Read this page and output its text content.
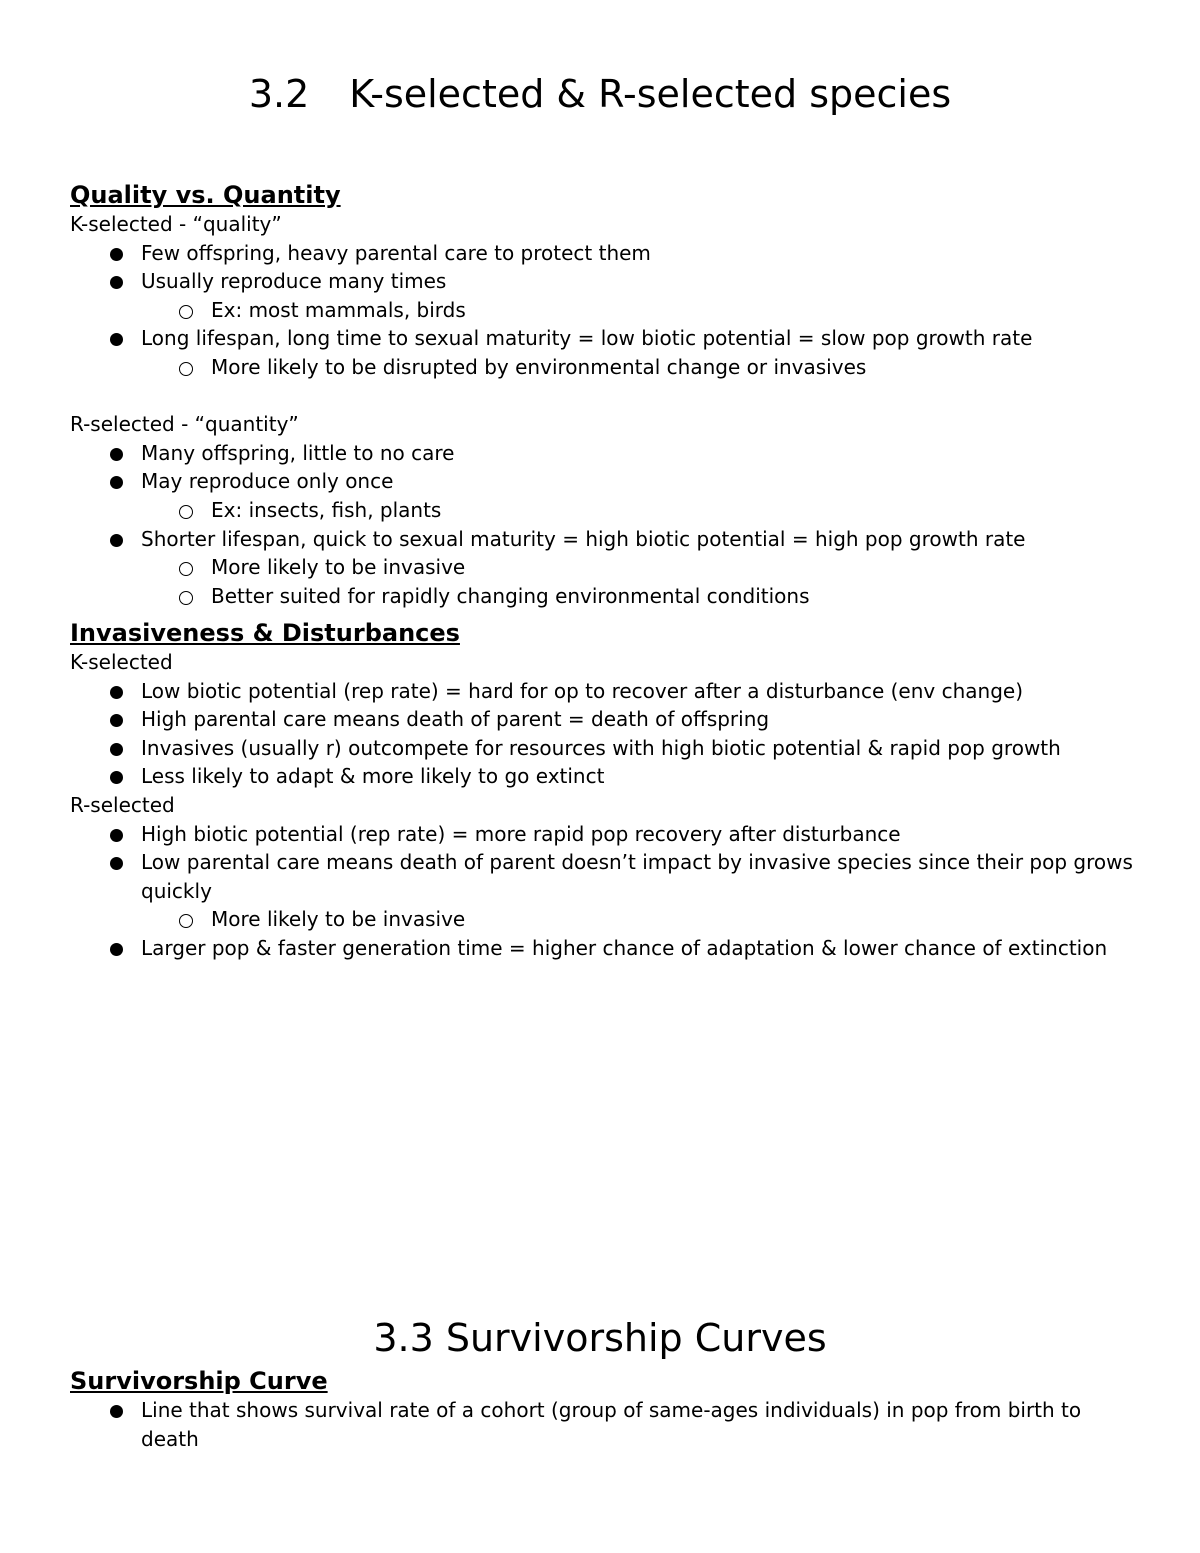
3.2 K-selected & R-selected species
Quality vs. Quantity

K-selected - “quality”

Few offspring, heavy parental care to protect them
Usually reproduce many times
Ex: most mammals, birds
Long lifespan, long time to sexual maturity = low biotic potential = slow pop growth rate
More likely to be disrupted by environmental change or invasives

R-selected - “quantity”

Many offspring, little to no care
May reproduce only once
Ex: insects, fish, plants
Shorter lifespan, quick to sexual maturity = high biotic potential = high pop growth rate
More likely to be invasive
Better suited for rapidly changing environmental conditions
Invasiveness & Disturbances

K-selected

Low biotic potential (rep rate) = hard for op to recover after a disturbance (env change)
High parental care means death of parent = death of offspring
Invasives (usually r) outcompete for resources with high biotic potential & rapid pop growth
Less likely to adapt & more likely to go extinct

R-selected

High biotic potential (rep rate) = more rapid pop recovery after disturbance
Low parental care means death of parent doesn’t impact by invasive species since their pop grows quickly
More likely to be invasive
Larger pop & faster generation time = higher chance of adaptation & lower chance of extinction
3.3 Survivorship Curves
Survivorship Curve
Line that shows survival rate of a cohort (group of same-ages individuals) in pop from birth to death
